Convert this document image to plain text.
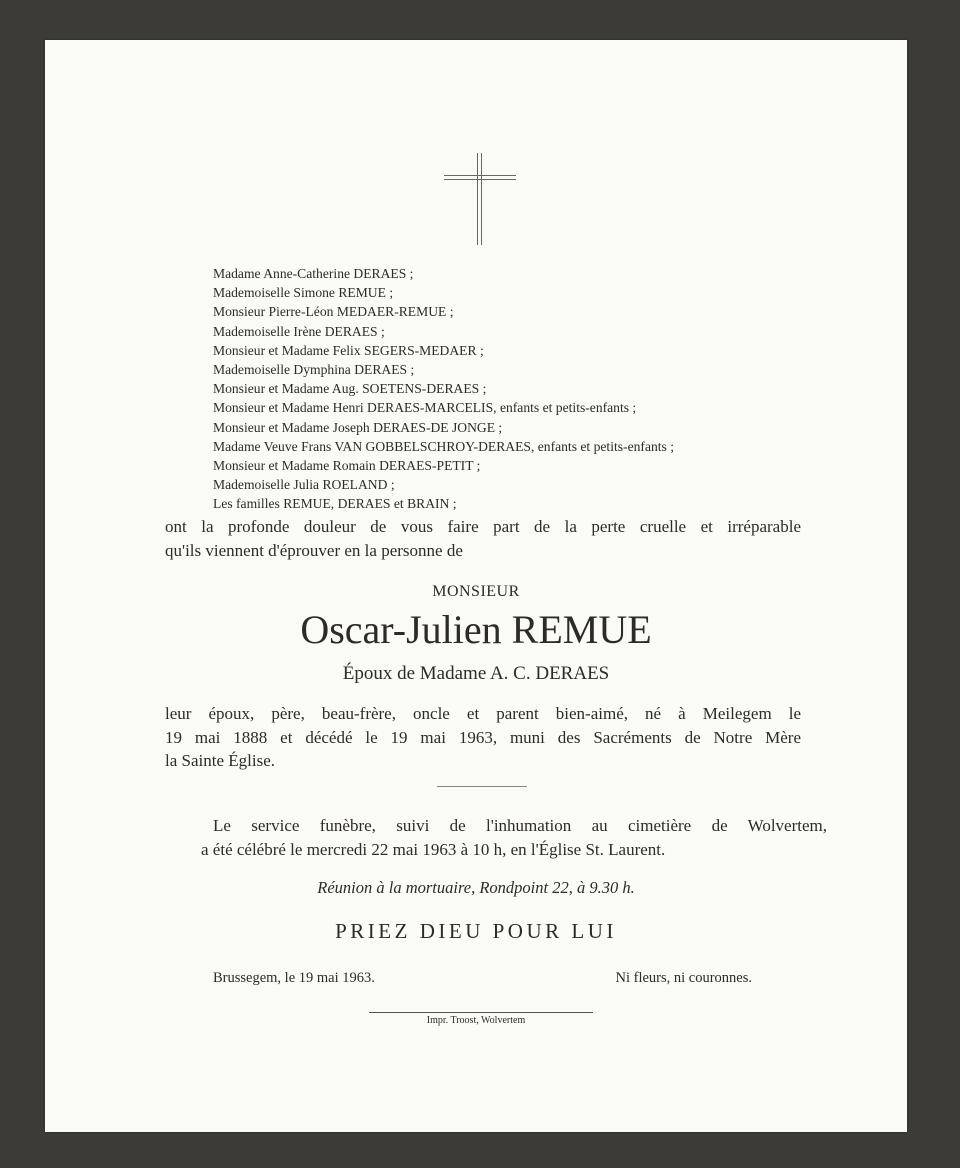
Madame Anne-Catherine DERAES ;
Mademoiselle Simone REMUE ;
Monsieur Pierre-Léon MEDAER-REMUE ;
Mademoiselle Irène DERAES ;
Monsieur et Madame Felix SEGERS-MEDAER ;
Mademoiselle Dymphina DERAES ;
Monsieur et Madame Aug. SOETENS-DERAES ;
Monsieur et Madame Henri DERAES-MARCELIS, enfants et petits-enfants ;
Monsieur et Madame Joseph DERAES-DE JONGE ;
Madame Veuve Frans VAN GOBBELSCHROY-DERAES, enfants et petits-enfants ;
Monsieur et Madame Romain DERAES-PETIT ;
Mademoiselle Julia ROELAND ;
Les familles REMUE, DERAES et BRAIN ;

ont la profonde douleur de vous faire part de la perte cruelle et irréparable
qu'ils viennent d'éprouver en la personne de

MONSIEUR
Oscar-Julien REMUE
Époux de Madame A. C. DERAES

leur époux, père, beau-frère, oncle et parent bien-aimé, né à Meilegem le
19 mai 1888 et décédé le 19 mai 1963, muni des Sacréments de Notre Mère
la Sainte Église.

Le service funèbre, suivi de l'inhumation au cimetière de Wolvertem,
a été célébré le mercredi 22 mai 1963 à 10 h, en l'Église St. Laurent.

Réunion à la mortuaire, Rondpoint 22, à 9.30 h.
PRIEZ DIEU POUR LUI
Brussegem, le 19 mai 1963.	Ni fleurs, ni couronnes.
Impr. Troost, Wolvertem
